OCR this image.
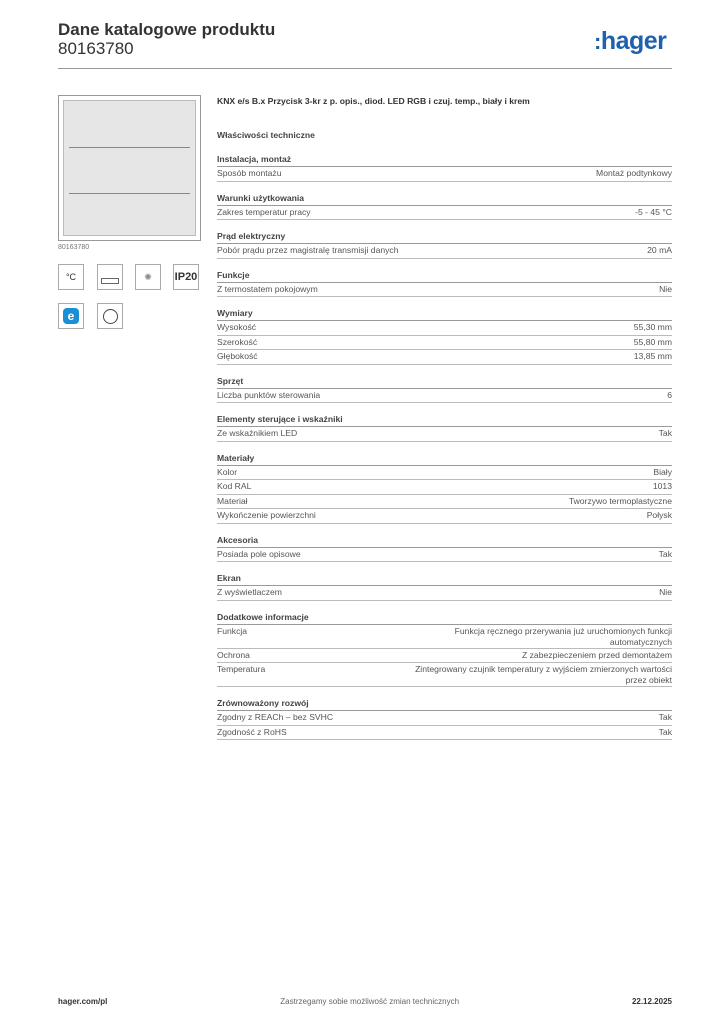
Dane katalogowe produktu
80163780	:hager
80163780
°C	✺	IP20
e
KNX e/s B.x Przycisk 3-kr z p. opis., diod. LED RGB i czuj. temp., biały i krem
Właściwości techniczne
Instalacja, montaż
Sposób montażu	Montaż podtynkowy
Warunki użytkowania
Zakres temperatur pracy	-5 - 45 °C
Prąd elektryczny
Pobór prądu przez magistralę transmisji danych	20 mA
Funkcje
Z termostatem pokojowym	Nie
Wymiary
Wysokość	55,30 mm
Szerokość	55,80 mm
Głębokość	13,85 mm
Sprzęt
Liczba punktów sterowania	6
Elementy sterujące i wskaźniki
Ze wskaźnikiem LED	Tak
Materiały
Kolor	Biały
Kod RAL	1013
Materiał	Tworzywo termoplastyczne
Wykończenie powierzchni	Połysk
Akcesoria
Posiada pole opisowe	Tak
Ekran
Z wyświetlaczem	Nie
Dodatkowe informacje
Funkcja	Funkcja ręcznego przerywania już uruchomionych funkcji automatycznych
Ochrona	Z zabezpieczeniem przed demontażem
Temperatura	Zintegrowany czujnik temperatury z wyjściem zmierzonych wartości przez obiekt
Zrównoważony rozwój
Zgodny z REACh – bez SVHC	Tak
Zgodność z RoHS	Tak
hager.com/pl	Zastrzegamy sobie możliwość zmian technicznych	22.12.2025
